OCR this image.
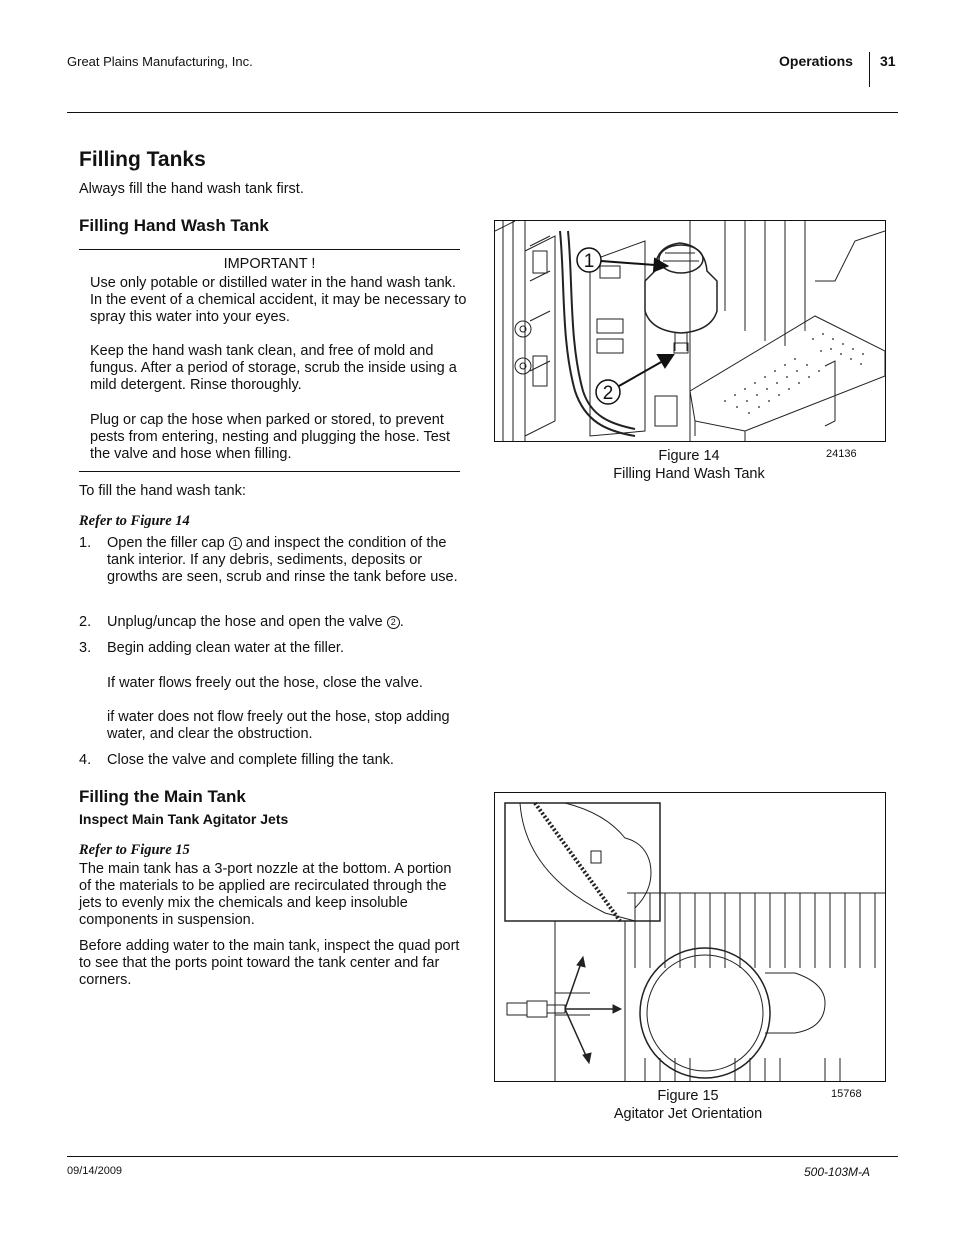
Great Plains Manufacturing, Inc.	Operations 31
Filling Tanks
Always fill the hand wash tank first.
Filling Hand Wash Tank
IMPORTANT !
Use only potable or distilled water in the hand wash tank. In the event of a chemical accident, it may be necessary to spray this water into your eyes.
Keep the hand wash tank clean, and free of mold and fungus. After a period of storage, scrub the inside using a mild detergent. Rinse thoroughly.
Plug or cap the hose when parked or stored, to prevent pests from entering, nesting and plugging the hose. Test the valve and hose when filling.
To fill the hand wash tank:
Refer to Figure 14
1. Open the filler cap 1 and inspect the condition of the tank interior. If any debris, sediments, deposits or growths are seen, scrub and rinse the tank before use.
2. Unplug/uncap the hose and open the valve 2 .
3. Begin adding clean water at the filler.
If water flows freely out the hose, close the valve.
if water does not flow freely out the hose, stop adding water, and clear the obstruction.
4. Close the valve and complete filling the tank.
Filling the Main Tank
Inspect Main Tank Agitator Jets
Refer to Figure 15
The main tank has a 3-port nozzle at the bottom. A portion of the materials to be applied are recirculated through the jets to evenly mix the chemicals and keep insoluble components in suspension.
Before adding water to the main tank, inspect the quad port to see that the ports point toward the tank center and far corners.
1
2
Figure 14
Filling Hand Wash Tank
24136
Figure 15
Agitator Jet Orientation
15768
09/14/2009	500-103M-A
